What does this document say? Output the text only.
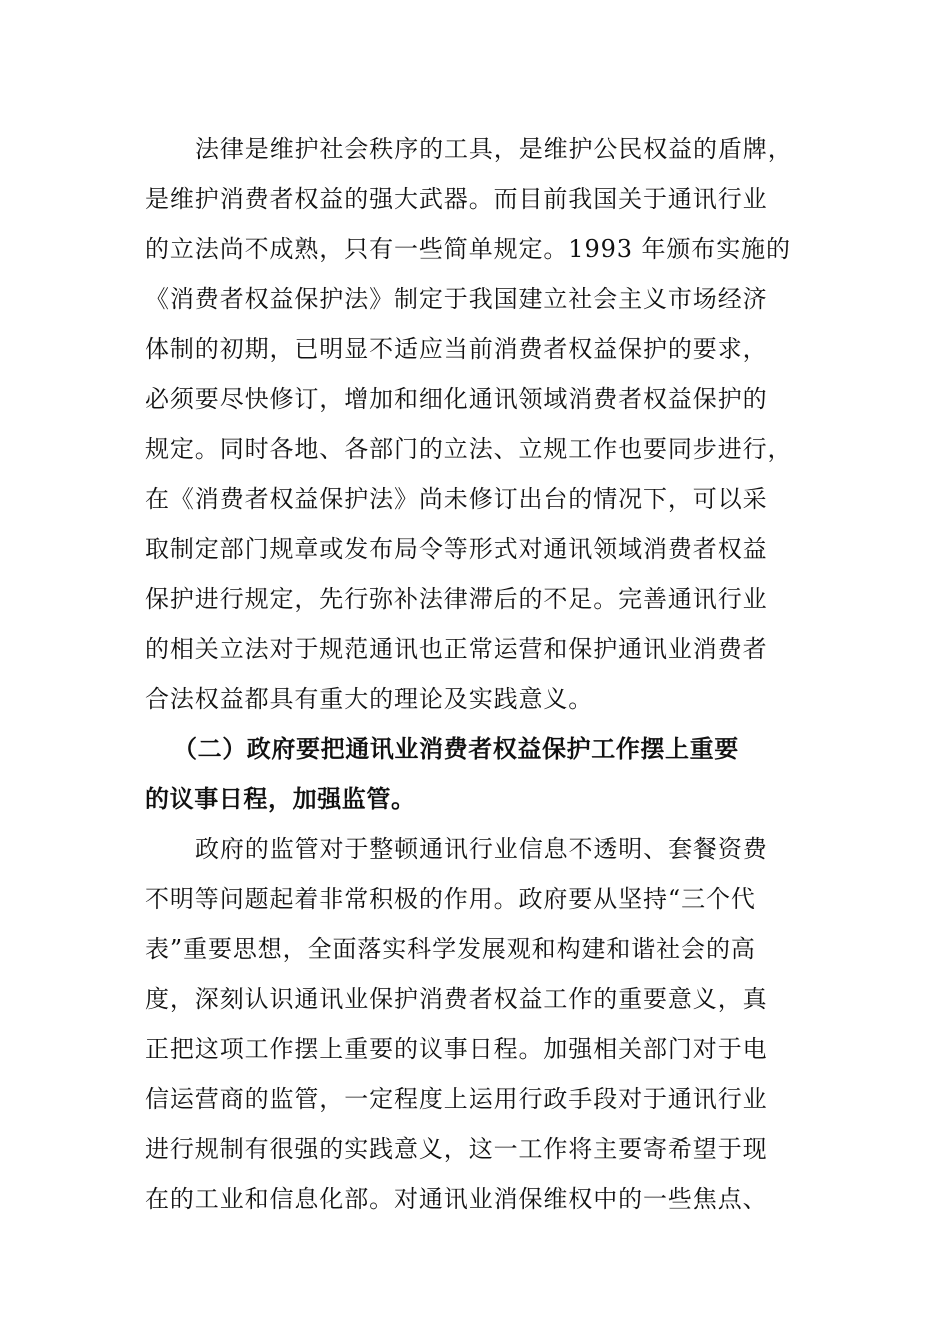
法律是维护社会秩序的工具，是维护公民权益的盾牌，
是维护消费者权益的强大武器。而目前我国关于通讯行业
的立法尚不成熟，只有一些简单规定。1993 年颁布实施的
《消费者权益保护法》制定于我国建立社会主义市场经济
体制的初期，已明显不适应当前消费者权益保护的要求，
必须要尽快修订，增加和细化通讯领域消费者权益保护的
规定。同时各地、各部门的立法、立规工作也要同步进行，
在《消费者权益保护法》尚未修订出台的情况下，可以采
取制定部门规章或发布局令等形式对通讯领域消费者权益
保护进行规定，先行弥补法律滞后的不足。完善通讯行业
的相关立法对于规范通讯也正常运营和保护通讯业消费者
合法权益都具有重大的理论及实践意义。
（二）政府要把通讯业消费者权益保护工作摆上重要
的议事日程，加强监管。
政府的监管对于整顿通讯行业信息不透明、套餐资费
不明等问题起着非常积极的作用。政府要从坚持“三个代
表”重要思想，全面落实科学发展观和构建和谐社会的高
度，深刻认识通讯业保护消费者权益工作的重要意义，真
正把这项工作摆上重要的议事日程。加强相关部门对于电
信运营商的监管，一定程度上运用行政手段对于通讯行业
进行规制有很强的实践意义，这一工作将主要寄希望于现
在的工业和信息化部。对通讯业消保维权中的一些焦点、
